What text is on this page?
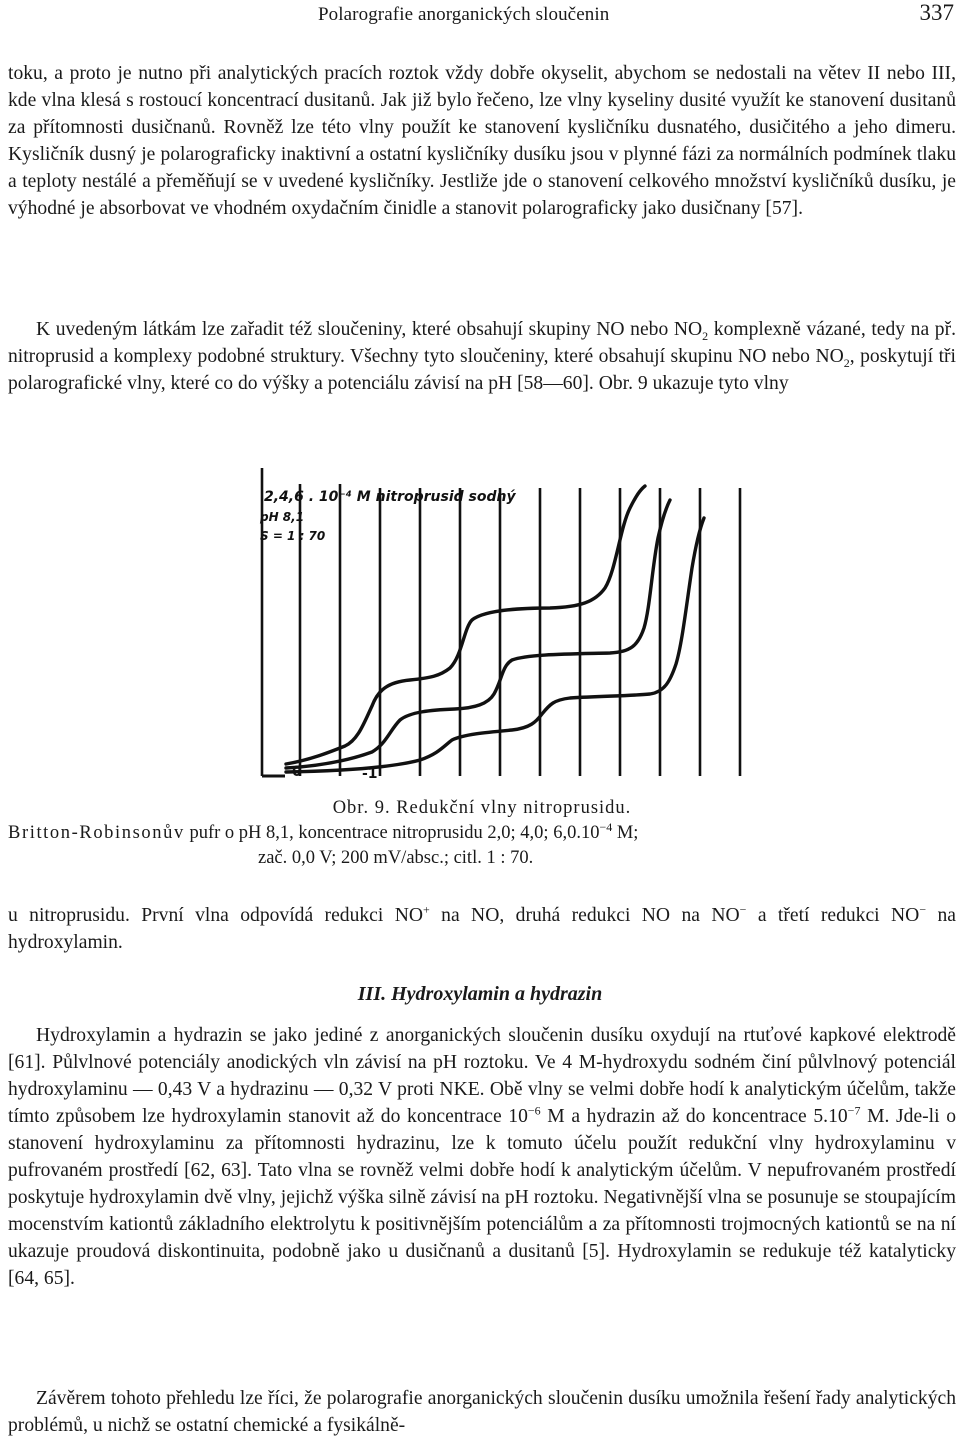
Polarografie anorganických sloučenin	337

toku, a proto je nutno při analytických pracích roztok vždy dobře okyselit, abychom se nedostali na větev II nebo III, kde vlna klesá s rostoucí koncentrací dusitanů. Jak již bylo řečeno, lze vlny kyseliny dusité využít ke stanovení dusitanů za přítomnosti dusičnanů. Rovněž lze této vlny použít ke stanovení kysličníku dusnatého, dusičitého a jeho dimeru. Kysličník dusný je polarograficky inaktivní a ostatní kysličníky dusíku jsou v plynné fázi za normálních podmínek tlaku a teploty nestálé a přeměňují se v uvedené kysličníky. Jestliže jde o stanovení celkového množství kysličníků dusíku, je výhodné je absorbovat ve vhodném oxydačním činidle a stanovit polarograficky jako dusičnany [57].

K uvedeným látkám lze zařadit též sloučeniny, které obsahují skupiny NO nebo $NO_2$ komplexně vázané, tedy na př. nitroprusid a komplexy podobné struktury. Všechny tyto sloučeniny, které obsahují skupinu NO nebo $NO_2$, poskytují tři polarografické vlny, které co do výšky a potenciálu závisí na pH [58—60]. Obr. 9 ukazuje tyto vlny

2,4,6 . 10⁻⁴ M nitroprusid sodný
pH 8,1
S = 1 : 70
0	-1
Obr. 9. Redukční vlny nitroprusidu.
Britton-Robinsonův pufr o pH 8,1, koncentrace nitroprusidu 2,0; 4,0; $6,0.10^{-4}$ M;
zač. 0,0 V; 200 mV/absc.; citl. 1 : 70.

u nitroprusidu. První vlna odpovídá redukci NO+ na NO, druhá redukci NO na NO− a třetí redukci NO− na hydroxylamin.

III. Hydroxylamin a hydrazin

Hydroxylamin a hydrazin se jako jediné z anorganických sloučenin dusíku oxydují na rtuťové kapkové elektrodě [61]. Půlvlnové potenciály anodických vln závisí na pH roztoku. Ve 4 M-hydroxydu sodném činí půlvlnový potenciál hydroxylaminu — 0,43 V a hydrazinu — 0,32 V proti NKE. Obě vlny se velmi dobře hodí k analytickým účelům, takže tímto způsobem lze hydroxylamin stanovit až do koncentrace $10^{-6}$ M a hydrazin až do koncentrace $5.10^{-7}$ M. Jde-li o stanovení hydroxylaminu za přítomnosti hydrazinu, lze k tomuto účelu použít redukční vlny hydroxylaminu v pufrovaném prostředí [62, 63]. Tato vlna se rovněž velmi dobře hodí k analytickým účelům. V nepufrovaném prostředí poskytuje hydroxylamin dvě vlny, jejichž výška silně závisí na pH roztoku. Negativnější vlna se posunuje se stoupajícím mocenstvím kationtů základního elektrolytu k positivnějším potenciálům a za přítomnosti trojmocných kationtů se na ní ukazuje proudová diskontinuita, podobně jako u dusičnanů a dusitanů [5]. Hydroxylamin se redukuje též katalyticky [64, 65].

Závěrem tohoto přehledu lze říci, že polarografie anorganických sloučenin dusíku umožnila řešení řady analytických problémů, u nichž se ostatní chemické a fysikálně-
